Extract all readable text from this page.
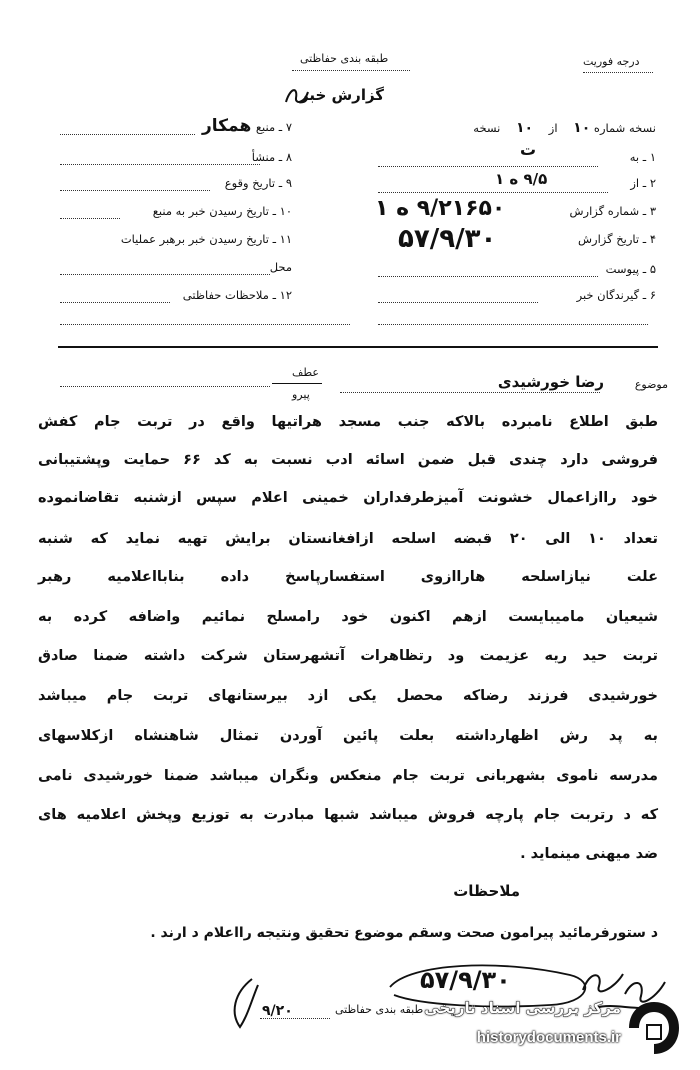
طبقه بندی حفاظتی	درجه فوریت
گزارش خبر
نسخه شماره ۱۰ از ۱۰ نسخه
۱ ـ به
ت
۲ ـ از
۹/۵ ه ۱
۳ ـ شماره گزارش
۹/۲۱۶۵۰ ه ۱
۴ ـ تاریخ گزارش
۵۷/۹/۳۰
۵ ـ پیوست
۶ ـ گیرندگان خبر
۷ ـ منبع
همکار
۸ ـ منشأ
۹ ـ تاریخ وقوع
۱۰ ـ تاریخ رسیدن خبر به منبع
۱۱ ـ تاریخ رسیدن خبر برهبر عملیات
محل
۱۲ ـ ملاحظات حفاظتی
موضوع
رضا خورشیدی
عطف
پیرو
طبق اطلاع نامبرده بالاکه جنب مسجد هراتیها واقع در تربت جام کفش
فروشی دارد چندی قبل ضمن اسائه ادب نسبت به کد ۶۶ حمایت وپشتیبانی
خود راازاعمال خشونت آمیزطرفداران خمینی اعلام سپس ازشنبه تقاضانموده
تعداد ۱۰ الی ۲۰ قبضه اسلحه ازافغانستان برایش تهیه نماید که شنبه
علت نیازاسلحه هاراازوی استفسارپاسخ داده بنابااعلامیه رهبر
شیعیان مامیبایست ازهم اکنون خود رامسلح نمائیم واضافه کرده به
تربت حید ریه عزیمت ود رتظاهرات آتشهرستان شرکت داشته ضمنا صادق
خورشیدی فرزند رضاکه محصل یکی ازد بیرستانهای تربت جام میباشد
به پد رش اظهارداشته بعلت پائین آوردن تمثال شاهنشاه ازکلاسهای
مدرسه ناموی بشهربانی تربت جام منعکس ونگران میباشد ضمنا خورشیدی نامی
که د رتربت جام پارچه فروش میباشد شبها مبادرت به توزیع وپخش اعلامیه های
ضد میهنی مینماید .
ملاحظات
د ستورفرمائید پیرامون صحت وسقم موضوع تحقیق ونتیجه رااعلام د ارند .
۵۷/۹/۳۰
طبقه بندی حفاظتی
۹/۲۰	مرکز بررسی اسناد تاریخی
historydocuments.ir
